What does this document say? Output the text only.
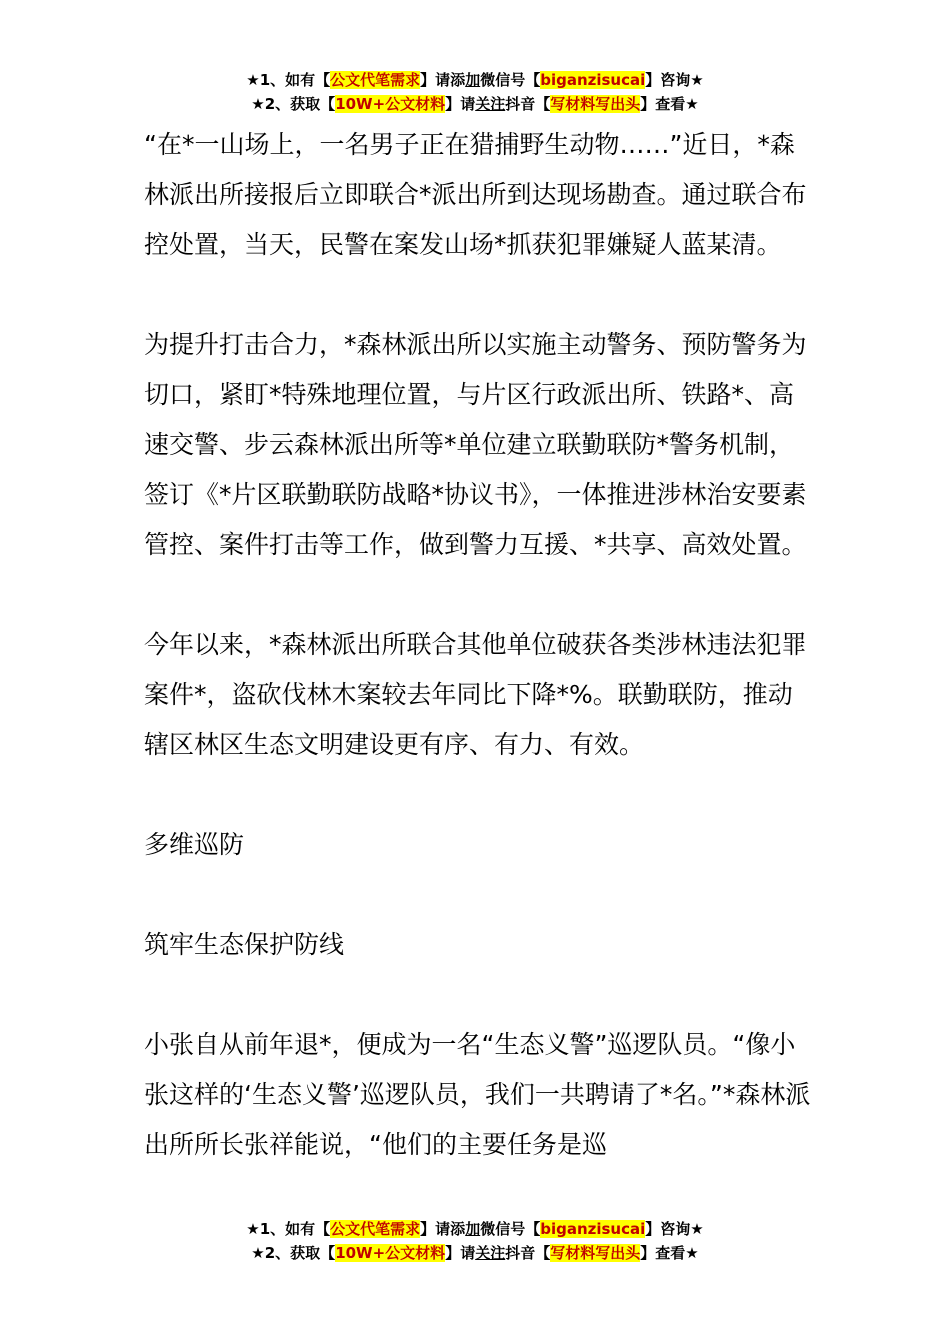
★1、如有【公文代笔需求】请添加微信号【biganzisucai】咨询★
★2、获取【10W+公文材料】请关注抖音【写材料写出头】查看★

“在*一山场上，一名男子正在猎捕野生动物……”近日，*森林派出所接报后立即联合*派出所到达现场勘查。通过联合布控处置，当天，民警在案发山场*抓获犯罪嫌疑人蓝某清。

为提升打击合力，*森林派出所以实施主动警务、预防警务为切口，紧盯*特殊地理位置，与片区行政派出所、铁路*、高速交警、步云森林派出所等*单位建立联勤联防*警务机制，签订《*片区联勤联防战略*协议书》，一体推进涉林治安要素管控、案件打击等工作，做到警力互援、*共享、高效处置。

今年以来，*森林派出所联合其他单位破获各类涉林违法犯罪案件*，盗砍伐林木案较去年同比下降*%。联勤联防，推动辖区林区生态文明建设更有序、有力、有效。

多维巡防

筑牢生态保护防线

小张自从前年退*，便成为一名“生态义警”巡逻队员。“像小张这样的‘生态义警’巡逻队员，我们一共聘请了*名。”*森林派出所所长张祥能说，“他们的主要任务是巡

★1、如有【公文代笔需求】请添加微信号【biganzisucai】咨询★
★2、获取【10W+公文材料】请关注抖音【写材料写出头】查看★
